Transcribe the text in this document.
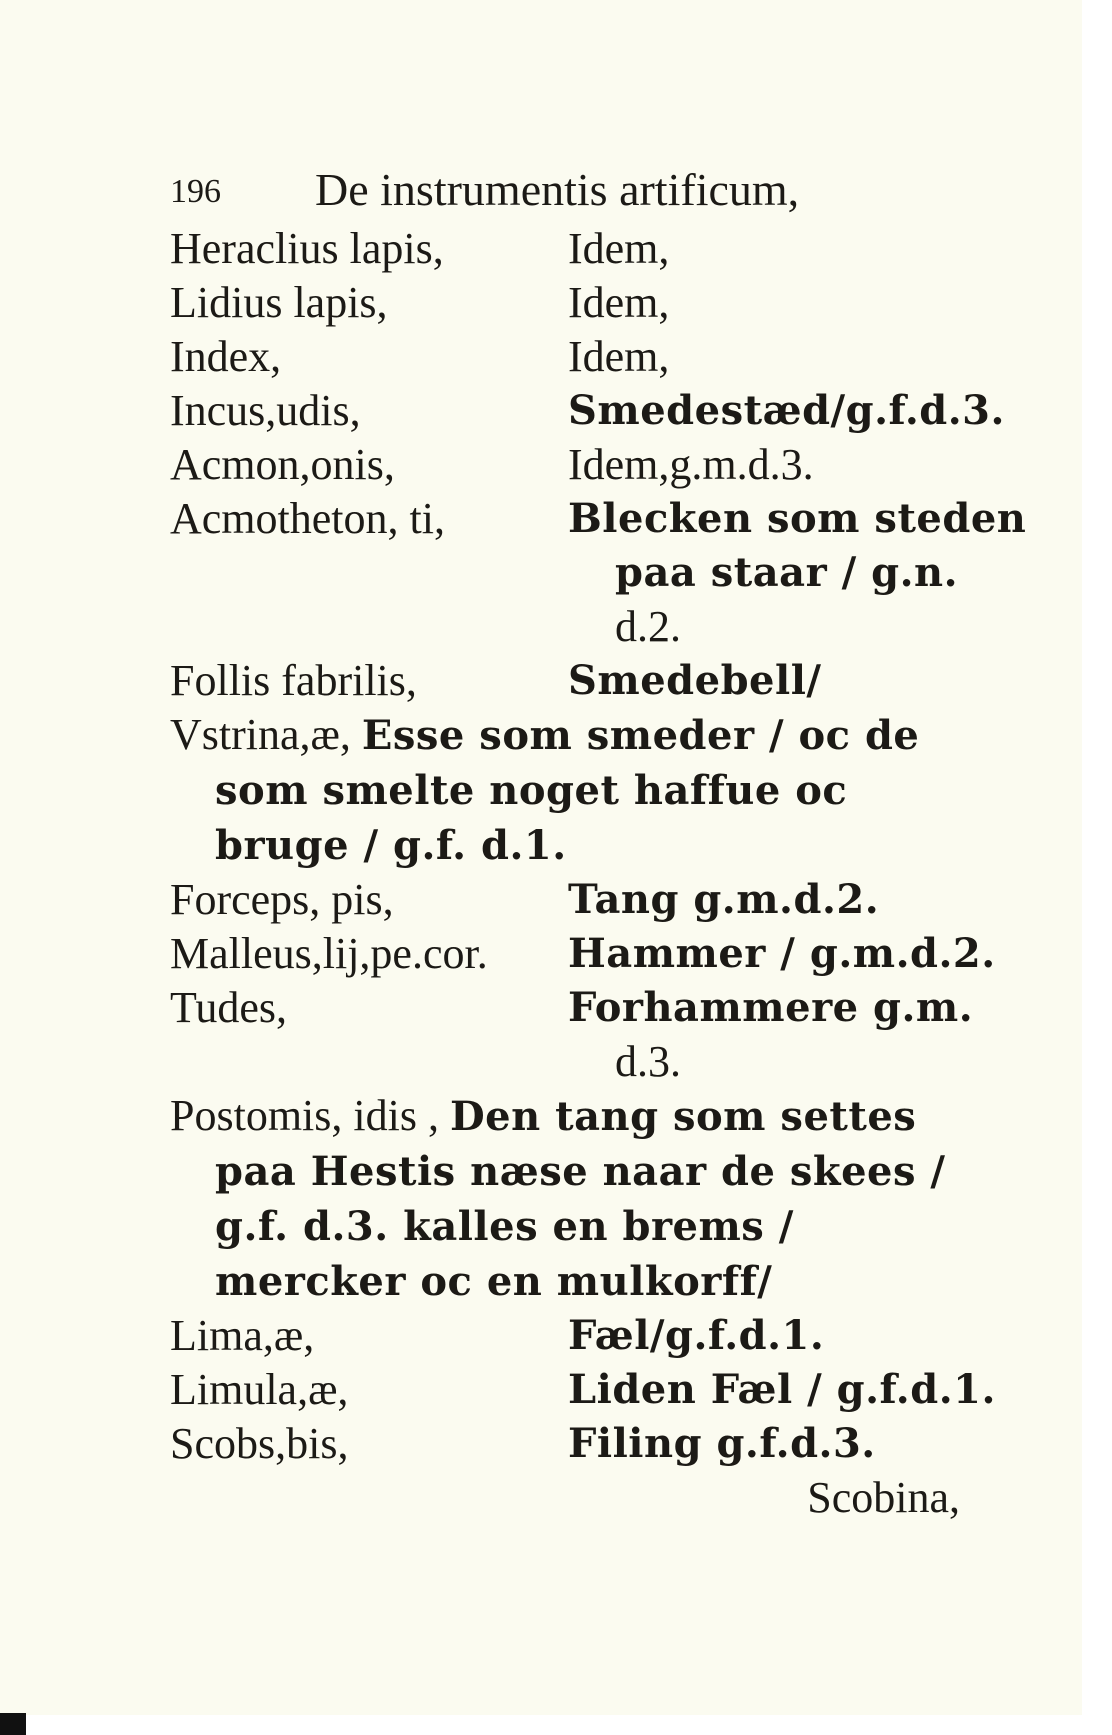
196 De instrumentis artificum,
Heraclius lapis,	Idem,
Lidius lapis,	Idem,
Index,	Idem,
Incus,udis,	Smedestæd/g.f.d.3.
Acmon,onis,	Idem,g.m.d.3.
Acmotheton, ti,	Blecken som steden
paa staar / g.n.
d.2.
Follis fabrilis,	Smedebell/
Vstrina,æ, Esse som smeder / oc de som smelte noget haffue oc bruge / g.f. d.1.
Forceps, pis,	Tang g.m.d.2.
Malleus,lij,pe.cor. Hammer / g.m.d.2.
Tudes,	Forhammere g.m.
d.3.
Postomis, idis , Den tang som settes paa Hestis næse naar de skees / g.f. d.3. kalles en brems / mercker oc en mulkorff/
Lima,æ,	Fæl/g.f.d.1.
Limula,æ,	Liden Fæl / g.f.d.1.
Scobs,bis,	Filing g.f.d.3.
Scobina,
